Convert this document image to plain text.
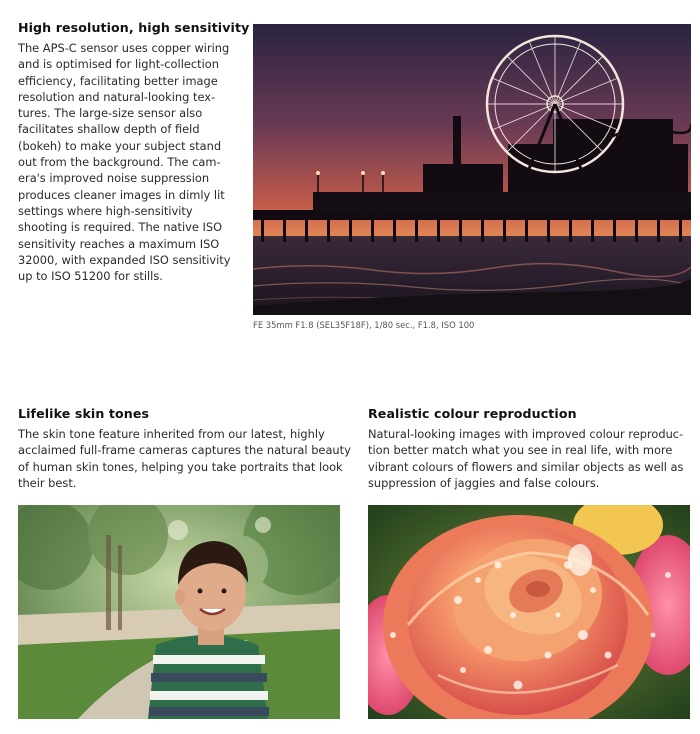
High resolution, high sensitivity
The APS-C sensor uses copper wiring
and is optimised for light-collection
efficiency, facilitating better image
resolution and natural-looking tex-
tures. The large-size sensor also
facilitates shallow depth of field
(bokeh) to make your subject stand
out from the background. The cam-
era's improved noise suppression
produces cleaner images in dimly lit
settings where high-sensitivity
shooting is required. The native ISO
sensitivity reaches a maximum ISO
32000, with expanded ISO sensitivity
up to ISO 51200 for stills.

FE 35mm F1.8 (SEL35F18F), 1/80 sec., F1.8, ISO 100

Lifelike skin tones
The skin tone feature inherited from our latest, highly
acclaimed full-frame cameras captures the natural beauty
of human skin tones, helping you take portraits that look
their best.
Realistic colour reproduction
Natural-looking images with improved colour reproduc-
tion better match what you see in real life, with more
vibrant colours of flowers and similar objects as well as
suppression of jaggies and false colours.
